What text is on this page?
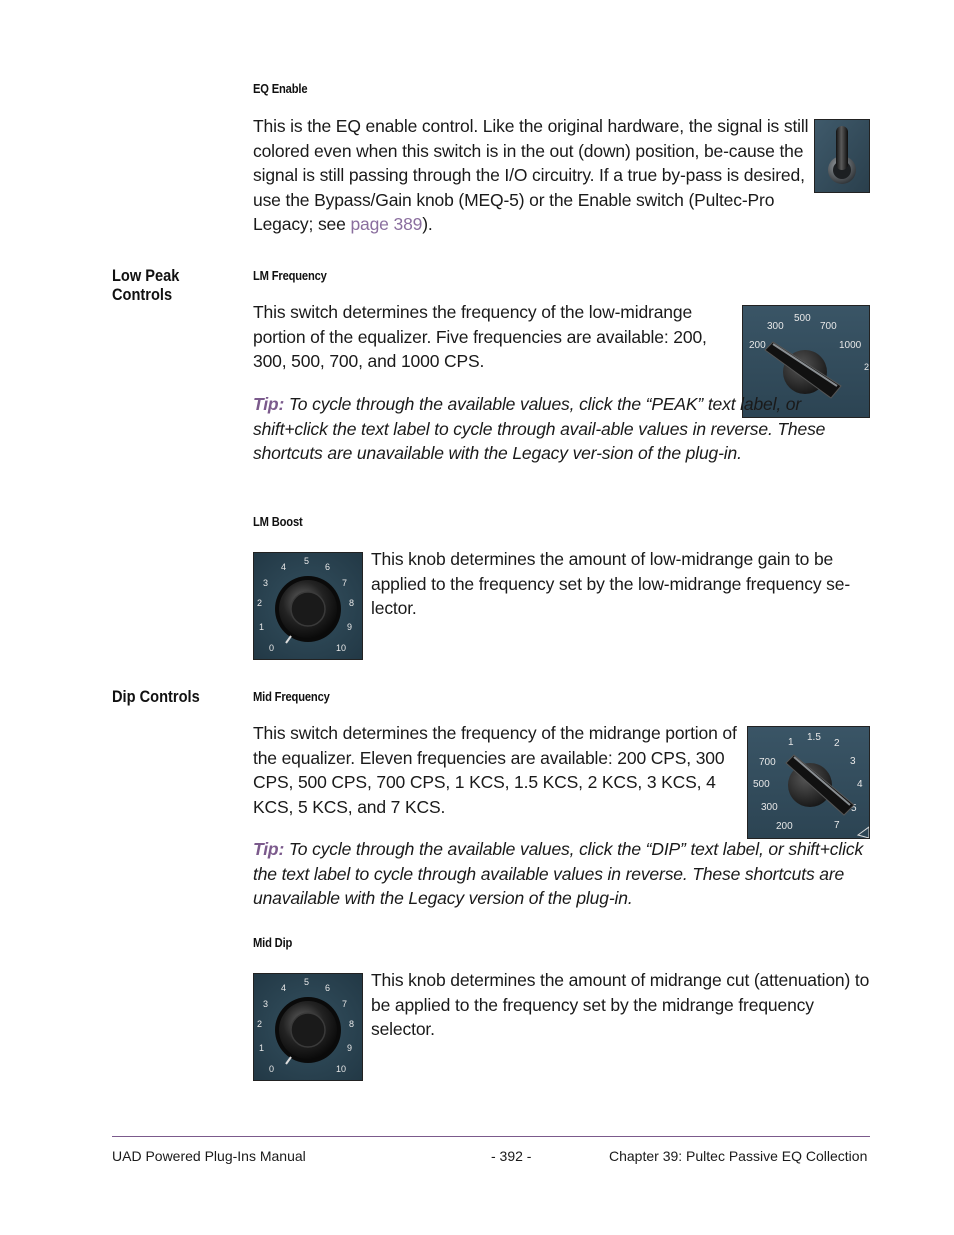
EQ Enable
This is the EQ enable control. Like the original hardware, the signal is still colored even when this switch is in the out (down) position, be-cause the signal is still passing through the I/O circuitry. If a true by-pass is desired, use the Bypass/Gain knob (MEQ-5) or the Enable switch (Pultec-Pro Legacy; see page 389).
Low Peak
Controls
LM Frequency
This switch determines the frequency of the low-midrange portion of the equalizer. Five frequencies are available: 200, 300, 500, 700, and 1000 CPS.
200
300
500
700
1000
2
Tip: To cycle through the available values, click the “PEAK” text label, or shift+click the text label to cycle through avail-able values in reverse. These shortcuts are unavailable with the Legacy ver-sion of the plug-in.
LM Boost
0
1
2
3
4
5
6
7
8
9
10
This knob determines the amount of low-midrange gain to be applied to the frequency set by the low-midrange frequency se-lector.
Dip Controls	Mid Frequency
This switch determines the frequency of the midrange portion of the equalizer. Eleven frequencies are available: 200 CPS, 300 CPS, 500 CPS, 700 CPS, 1 KCS, 1.5 KCS, 2 KCS, 3 KCS, 4 KCS, 5 KCS, and 7 KCS.
200
300
500
700
1 1.5
2
3
4
5
7
Tip: To cycle through the available values, click the “DIP” text label, or shift+click the text label to cycle through available values in reverse. These shortcuts are unavailable with the Legacy version of the plug-in.
Mid Dip
0
1
2
3
4
5
6
7
8
9
10
This knob determines the amount of midrange cut (attenuation) to be applied to the frequency set by the midrange frequency selector.
UAD Powered Plug-Ins Manual	- 392 -	Chapter 39: Pultec Passive EQ Collection
